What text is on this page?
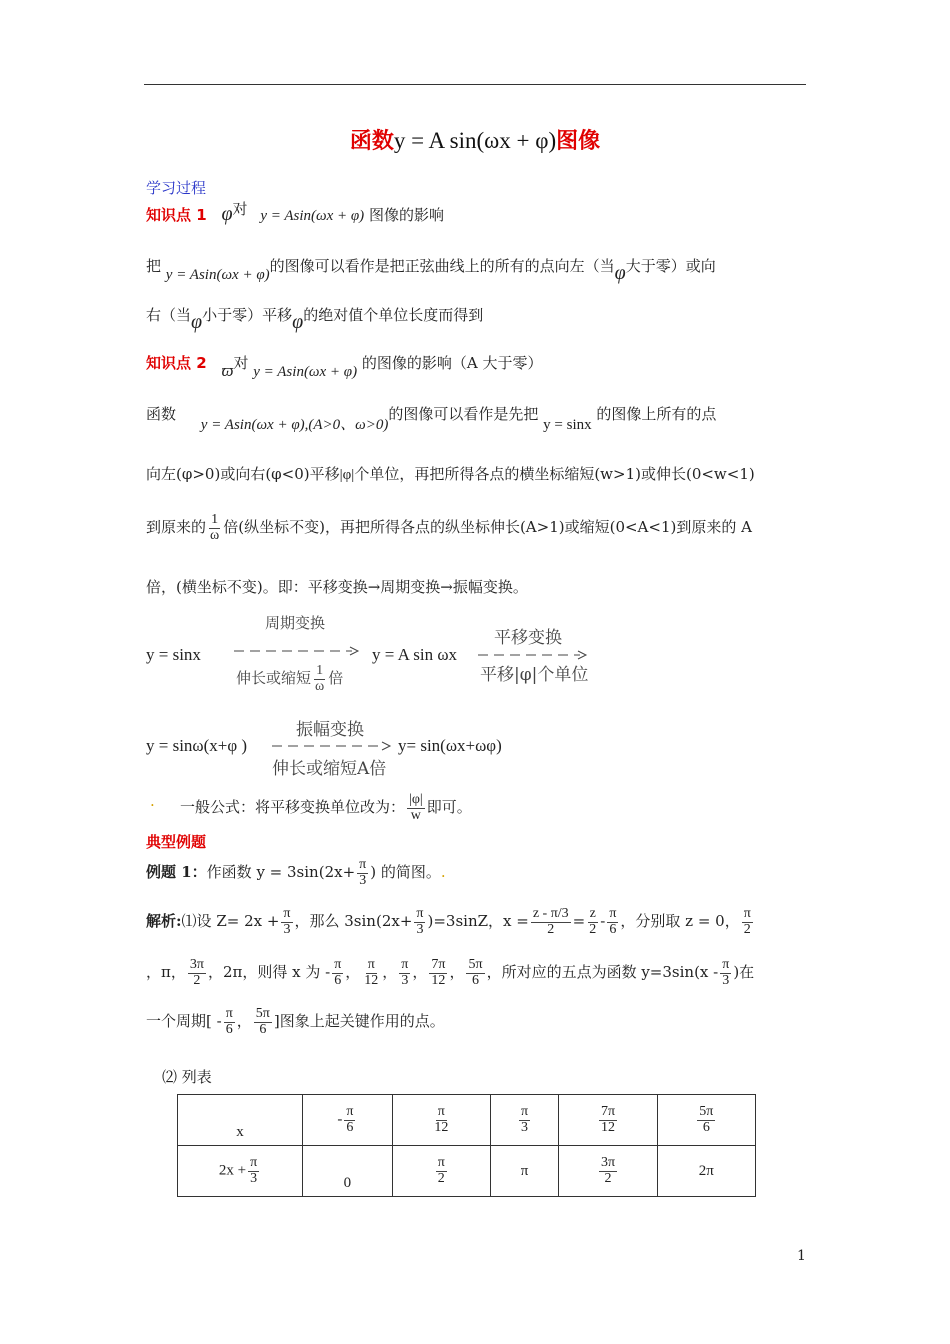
函数y = A sin(ωx + φ)图像
学习过程
知识点 1 φ对 y = Asin(ωx + φ) 图像的影响
把 y = Asin(ωx + φ)的图像可以看作是把正弦曲线上的所有的点向左（当φ大于零）或向
右（当φ小于零）平移φ的绝对值个单位长度而得到
知识点 2 ϖ对 y = Asin(ωx + φ) 的图像的影响（A 大于零）
函数 y = Asin(ωx + φ),(A>0、ω>0)的图像可以看作是先把 y = sinx 的图像上所有的点
向左(φ>0)或向右(φ<0)平移|φ|个单位，再把所得各点的横坐标缩短(w>1)或伸长(0<w<1)
到原来的 $\frac{1}{\omega}$ 倍(纵坐标不变)，再把所得各点的纵坐标伸长(A>1)或缩短(0<A<1)到原来的 A
倍，(横坐标不变)。即：平移变换→周期变换→振幅变换。
y = sinx
周期变换
伸长或缩短 $\frac{1}{\omega}$ 倍
y = A sin ωx
平移变换
平移|φ|个单位
y = sinω(x+φ )
振幅变换
伸长或缩短A倍
y= sin(ωx+ωφ)
. 一般公式：将平移变换单位改为： $\frac{|\varphi|}{w}$ 即可。
典型例题
例题 1：作函数 $y = 3\sin(2x+ \frac{\pi}{3}$ ) 的简图。.
解析:⑴设 $Z= 2x + \frac{\pi}{3}$ ，那么 $3\sin(2x+ \frac{\pi}{3} )=3\sin Z$，$x = \frac{z - \pi/3}{2} = \frac{z}{2} - \frac{\pi}{6}$ ，分别取 z = 0， $\frac{\pi}{2}$
，π， $\frac{3\pi}{2}$ ，2π，则得 x 为 - $\frac{\pi}{6}$ ， $\frac{\pi}{12}$ ， $\frac{\pi}{3}$ ， $\frac{7\pi}{12}$ ， $\frac{5\pi}{6}$ ，所对应的五点为函数 $y=3\sin(x - \frac{\pi}{3}$ )在
一个周期[ - $\frac{\pi}{6}$ ， $\frac{5\pi}{6}$ ]图象上起关键作用的点。
⑵ 列表
x	- $\frac{\pi}{6}$	$\frac{\pi}{12}$	$\frac{\pi}{3}$	$\frac{7\pi}{12}$	$\frac{5\pi}{6}$

$2x + \frac{\pi}{3}$	0	$\frac{\pi}{2}$	π	$\frac{3\pi}{2}$	2π
1
